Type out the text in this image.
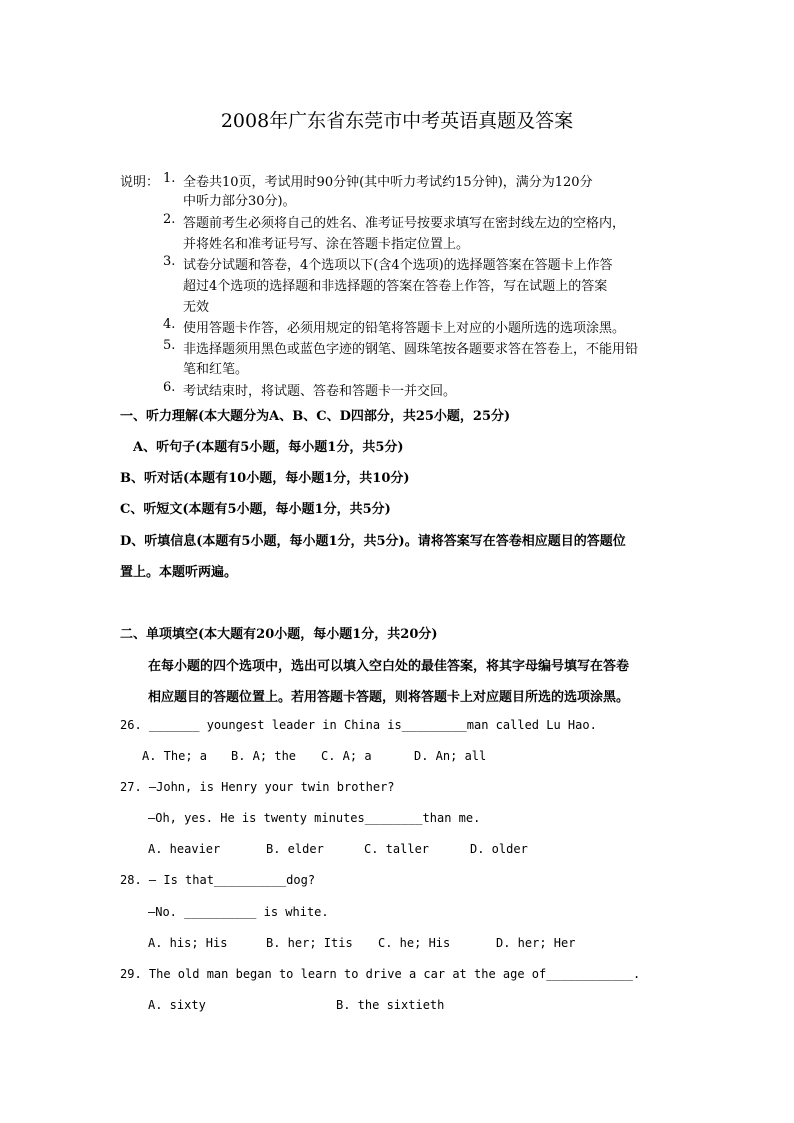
2008年广东省东莞市中考英语真题及答案
说明： 1. 全卷共10页，考试用时90分钟(其中听力考试约15分钟)，满分为120分
中听力部分30分)。
2. 答题前考生必须将自己的姓名、准考证号按要求填写在密封线左边的空格内，
并将姓名和准考证号写、涂在答题卡指定位置上。
3. 试卷分试题和答卷，4个选项以下(含4个选项)的选择题答案在答题卡上作答
超过4个选项的选择题和非选择题的答案在答卷上作答，写在试题上的答案
无效
4. 使用答题卡作答，必须用规定的铅笔将答题卡上对应的小题所选的选项涂黑。
5. 非选择题须用黑色或蓝色字迹的钢笔、圆珠笔按各题要求答在答卷上，不能用铅
笔和红笔。
6. 考试结束时，将试题、答卷和答题卡一并交回。
一、听力理解(本大题分为A、B、C、D四部分，共25小题，25分)
A、听句子(本题有5小题，每小题1分，共5分)
B、听对话(本题有10小题，每小题1分，共10分)
C、听短文(本题有5小题，每小题1分，共5分)
D、听填信息(本题有5小题，每小题1分，共5分)。请将答案写在答卷相应题目的答题位
置上。本题听两遍。
二、单项填空(本大题有20小题，每小题1分，共20分)
在每小题的四个选项中，选出可以填入空白处的最佳答案，将其字母编号填写在答卷
相应题目的答题位置上。若用答题卡答题，则将答题卡上对应题目所选的选项涂黑。
26. _______ youngest leader in China is_________man called Lu Hao.
A. The; a B. A; the C. A; a	D. An; all
27. —John, is Henry your twin brother?
—Oh, yes. He is twenty minutes________than me.
A. heavier	B. elder	C. taller	D. older
28. — Is that__________dog?
—No. __________ is white.
A. his; His	B. her; Itis C. he; His	D. her; Her
29. The old man began to learn to drive a car at the age of____________.
A. sixty	B. the sixtieth
